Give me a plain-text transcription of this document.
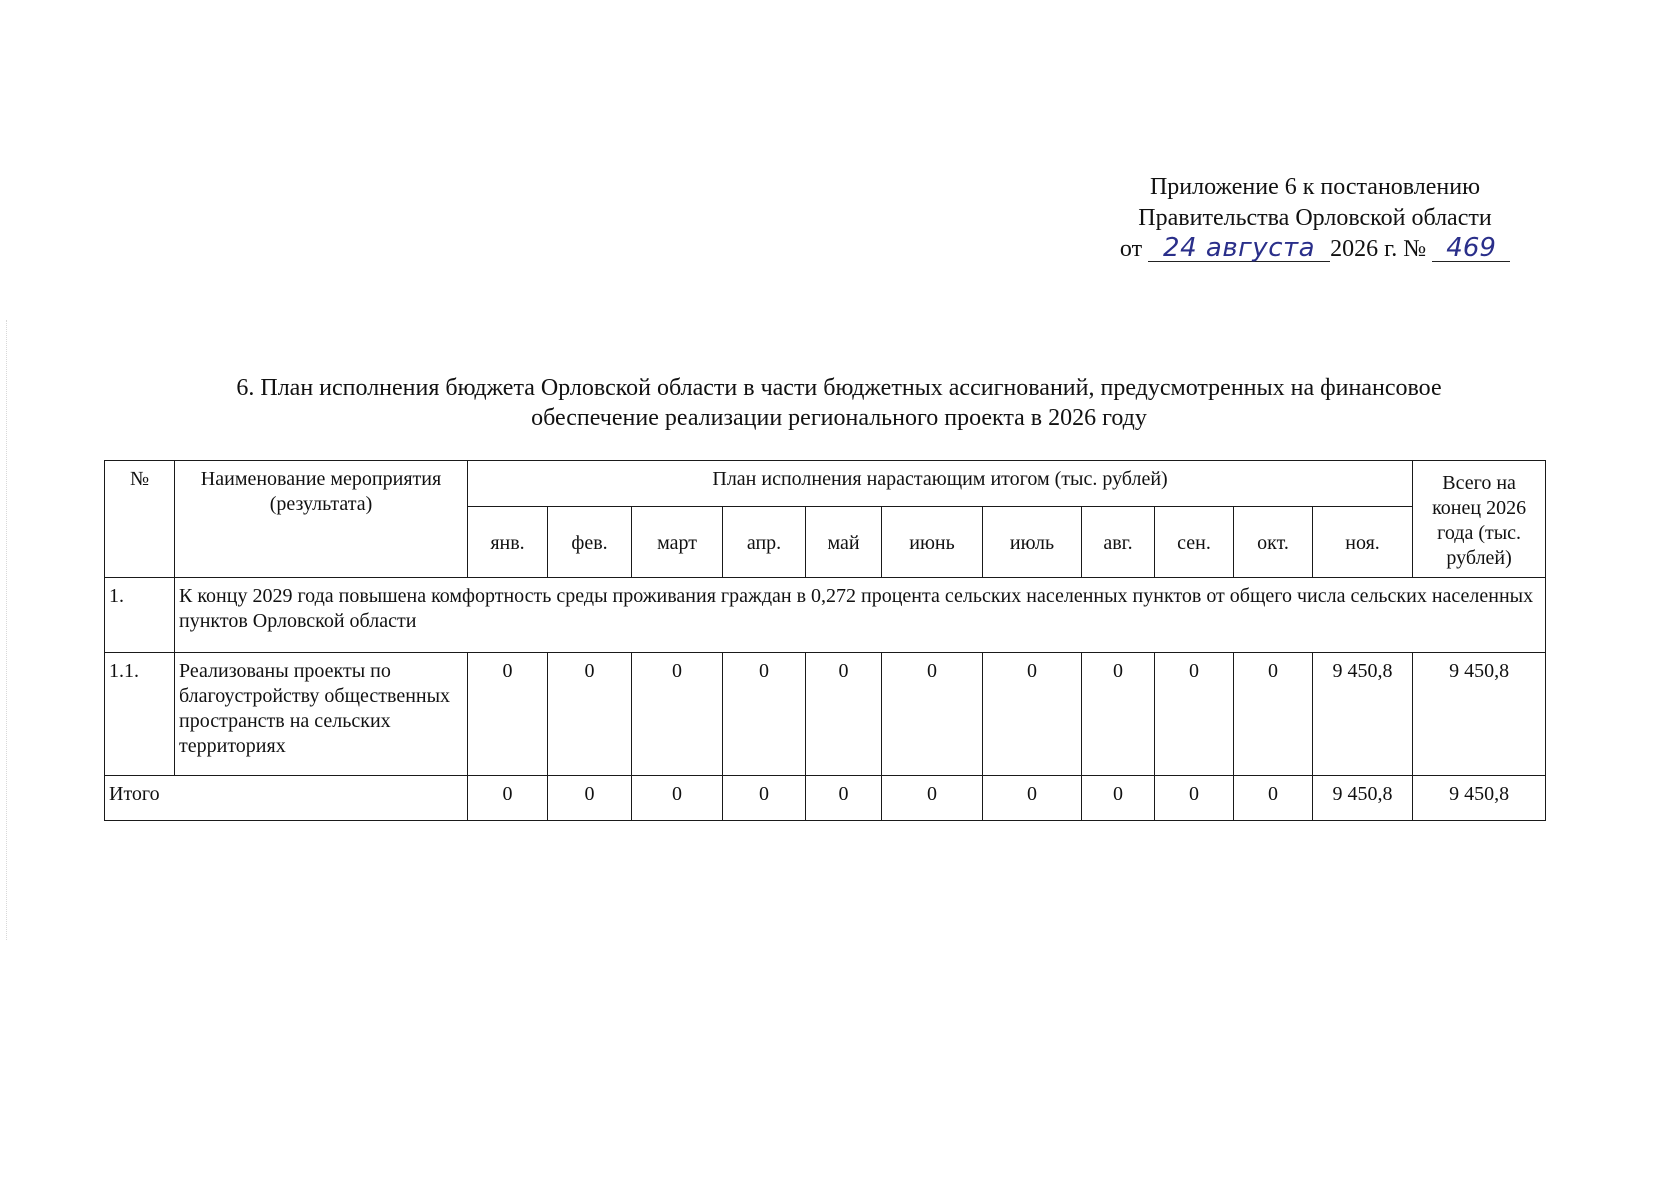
Приложение 6 к постановлению
Правительства Орловской области
от 24 августа 2026 г. № 469
6. План исполнения бюджета Орловской области в части бюджетных ассигнований, предусмотренных на финансовое
обеспечение реализации регионального проекта в 2026 году
№	Наименование мероприятия (результата)	План исполнения нарастающим итогом (тыс. рублей)											Всего на конец 2026 года (тыс. рублей)
		янв.	фев.	март	апр.	май	июнь	июль	авг.	сен.	окт.	ноя.	
1.	К концу 2029 года повышена комфортность среды проживания граждан в 0,272 процента сельских населенных пунктов от общего числа сельских населенных пунктов Орловской области												
1.1.	Реализованы проекты по благоустройству общественных пространств на сельских территориях	0	0	0	0	0	0	0	0	0	0	9 450,8	9 450,8
Итого		0	0	0	0	0	0	0	0	0	0	9 450,8	9 450,8
